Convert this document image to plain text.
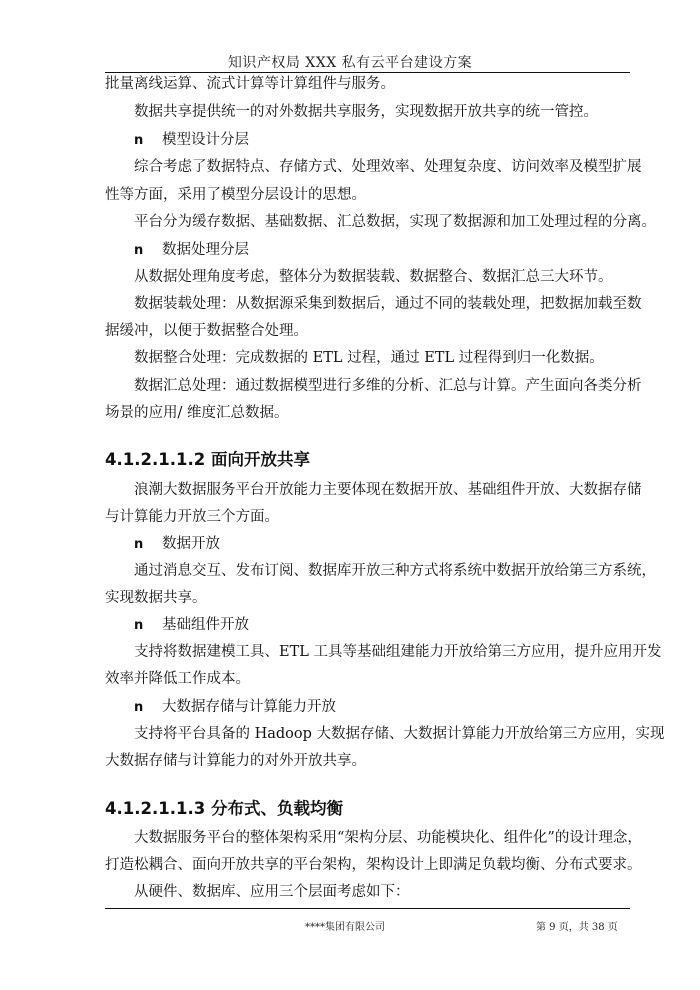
知识产权局 XXX 私有云平台建设方案
批量离线运算、流式计算等计算组件与服务。
数据共享提供统一的对外数据共享服务，实现数据开放共享的统一管控。
n 模型设计分层
综合考虑了数据特点、存储方式、处理效率、处理复杂度、访问效率及模型扩展
性等方面，采用了模型分层设计的思想。
平台分为缓存数据、基础数据、汇总数据，实现了数据源和加工处理过程的分离。
n 数据处理分层
从数据处理角度考虑，整体分为数据装载、数据整合、数据汇总三大环节。
数据装载处理：从数据源采集到数据后，通过不同的装载处理，把数据加载至数
据缓冲，以便于数据整合处理。
数据整合处理：完成数据的 ETL 过程，通过 ETL 过程得到归一化数据。
数据汇总处理：通过数据模型进行多维的分析、汇总与计算。产生面向各类分析
场景的应用/ 维度汇总数据。
4.1.2.1.1.2 面向开放共享
浪潮大数据服务平台开放能力主要体现在数据开放、基础组件开放、大数据存储
与计算能力开放三个方面。
n 数据开放
通过消息交互、发布订阅、数据库开放三种方式将系统中数据开放给第三方系统，
实现数据共享。
n 基础组件开放
支持将数据建模工具、ETL 工具等基础组建能力开放给第三方应用，提升应用开发
效率并降低工作成本。
n 大数据存储与计算能力开放
支持将平台具备的 Hadoop 大数据存储、大数据计算能力开放给第三方应用，实现
大数据存储与计算能力的对外开放共享。
4.1.2.1.1.3 分布式、负载均衡
大数据服务平台的整体架构采用“架构分层、功能模块化、组件化”的设计理念，
打造松耦合、面向开放共享的平台架构，架构设计上即满足负载均衡、分布式要求。
从硬件、数据库、应用三个层面考虑如下：
****集团有限公司	第 9 页，共 38 页
